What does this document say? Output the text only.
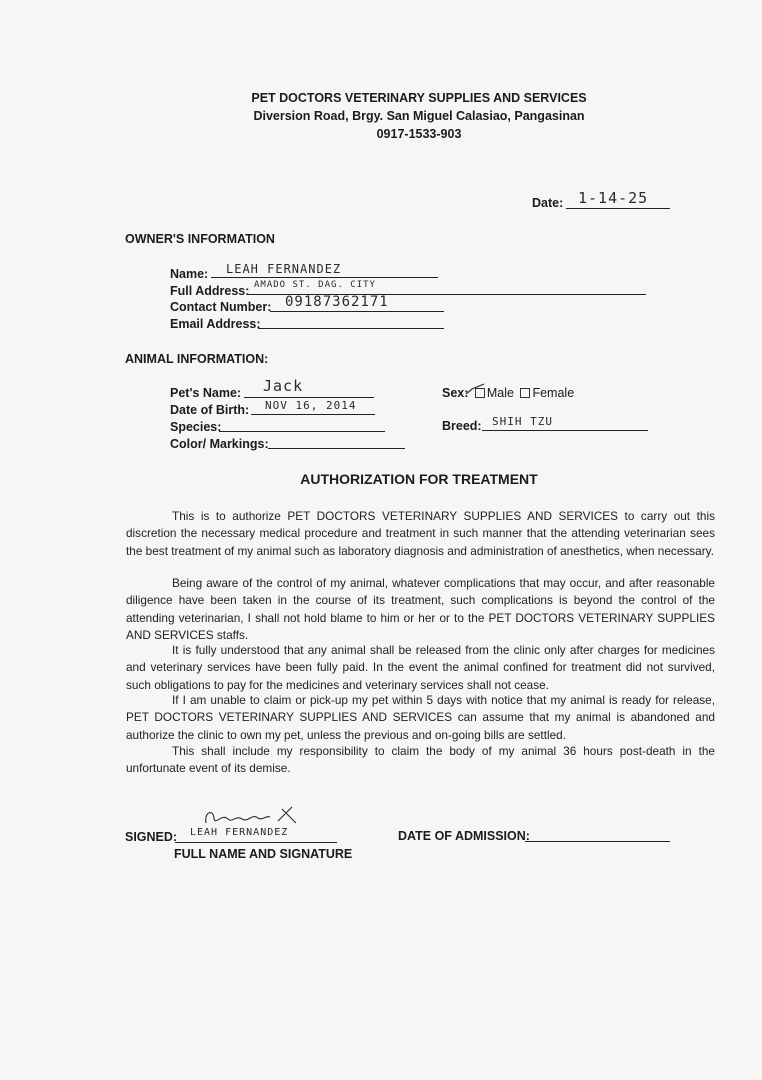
PET DOCTORS VETERINARY SUPPLIES AND SERVICES
Diversion Road, Brgy. San Miguel Calasiao, Pangasinan
0917-1533-903
Date: 1-14-25
OWNER'S INFORMATION
Name: LEAH FERNANDEZ
Full Address: AMADO ST. DAG. CITY
Contact Number: 09187362171
Email Address:
ANIMAL INFORMATION:
Pet's Name: Jack
Date of Birth: NOV 16, 2014
Species:
Color/ Markings:
Sex: Male Female
Breed: SHIH TZU
AUTHORIZATION FOR TREATMENT

This is to authorize PET DOCTORS VETERINARY SUPPLIES AND SERVICES to carry out this discretion the necessary medical procedure and treatment in such manner that the attending veterinarian sees the best treatment of my animal such as laboratory diagnosis and administration of anesthetics, when necessary.

Being aware of the control of my animal, whatever complications that may occur, and after reasonable diligence have been taken in the course of its treatment, such complications is beyond the control of the attending veterinarian, I shall not hold blame to him or her or to the PET DOCTORS VETERINARY SUPPLIES AND SERVICES staffs.

It is fully understood that any animal shall be released from the clinic only after charges for medicines and veterinary services have been fully paid. In the event the animal confined for treatment did not survived, such obligations to pay for the medicines and veterinary services shall not cease.

If I am unable to claim or pick-up my pet within 5 days with notice that my animal is ready for release, PET DOCTORS VETERINARY SUPPLIES AND SERVICES can assume that my animal is abandoned and authorize the clinic to own my pet, unless the previous and on-going bills are settled.

This shall include my responsibility to claim the body of my animal 36 hours post-death in the unfortunate event of its demise.

SIGNED: LEAH FERNANDEZ
FULL NAME AND SIGNATURE
DATE OF ADMISSION:
